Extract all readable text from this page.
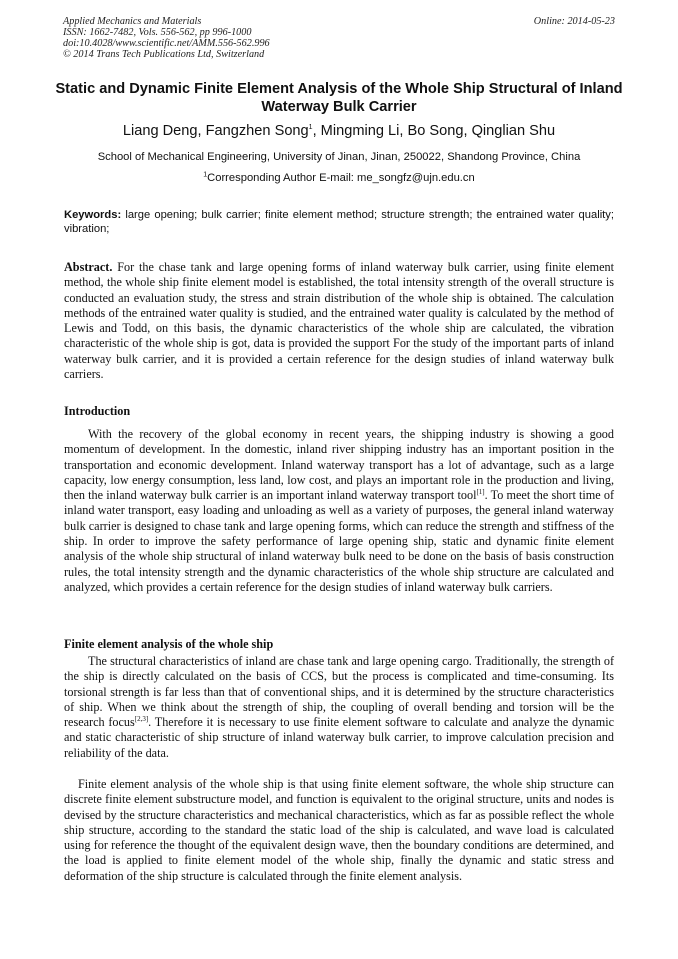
Applied Mechanics and Materials
ISSN: 1662-7482, Vols. 556-562, pp 996-1000
doi:10.4028/www.scientific.net/AMM.556-562.996
© 2014 Trans Tech Publications Ltd, Switzerland
Online: 2014-05-23
Static and Dynamic Finite Element Analysis of the Whole Ship Structural of Inland Waterway Bulk Carrier
Liang Deng, Fangzhen Song$^1$, Mingming Li, Bo Song, Qinglian Shu
School of Mechanical Engineering, University of Jinan, Jinan, 250022, Shandong Province, China
$^1$Corresponding Author E-mail: me_songfz@ujn.edu.cn
Keywords: large opening; bulk carrier; finite element method; structure strength; the entrained water quality; vibration;

Abstract. For the chase tank and large opening forms of inland waterway bulk carrier, using finite element method, the whole ship finite element model is established, the total intensity strength of the overall structure is conducted an evaluation study, the stress and strain distribution of the whole ship is obtained. The calculation methods of the entrained water quality is studied, and the entrained water quality is calculated by the method of Lewis and Todd, on this basis, the dynamic characteristics of the whole ship are calculated, the vibration characteristic of the whole ship is got, data is provided the support For the study of the important parts of inland waterway bulk carrier, and it is provided a certain reference for the design studies of inland waterway bulk carriers.

Introduction

With the recovery of the global economy in recent years, the shipping industry is showing a good momentum of development. In the domestic, inland river shipping industry has an important position in the transportation and economic development. Inland waterway transport has a lot of advantage, such as a large capacity, low energy consumption, less land, low cost, and plays an important role in the production and living, then the inland waterway bulk carrier is an important inland waterway transport tool[1]. To meet the short time of inland water transport, easy loading and unloading as well as a variety of purposes, the general inland waterway bulk carrier is designed to chase tank and large opening forms, which can reduce the strength and stiffness of the ship. In order to improve the safety performance of large opening ship, static and dynamic finite element analysis of the whole ship structural of inland waterway bulk need to be done on the basis of basis construction rules, the total intensity strength and the dynamic characteristics of the whole ship structure are calculated and analyzed, which provides a certain reference for the design studies of inland waterway bulk carriers.

Finite element analysis of the whole ship

The structural characteristics of inland are chase tank and large opening cargo. Traditionally, the strength of the ship is directly calculated on the basis of CCS, but the process is complicated and time-consuming. Its torsional strength is far less than that of conventional ships, and it is determined by the structure characteristics of ship. When we think about the strength of ship, the coupling of overall bending and torsion will be the research focus[2,3]. Therefore it is necessary to use finite element software to calculate and analyze the dynamic and static characteristic of ship structure of inland waterway bulk carrier, to improve calculation precision and reliability of the data.

Finite element analysis of the whole ship is that using finite element software, the whole ship structure can discrete finite element substructure model, and function is equivalent to the original structure, units and nodes is devised by the structure characteristics and mechanical characteristics, which as far as possible reflect the whole ship structure, according to the standard the static load of the ship is calculated, and wave load is calculated using for reference the thought of the equivalent design wave, then the boundary conditions are determined, and the load is applied to finite element model of the whole ship, finally the dynamic and static stress and deformation of the ship structure is calculated through the finite element analysis.
